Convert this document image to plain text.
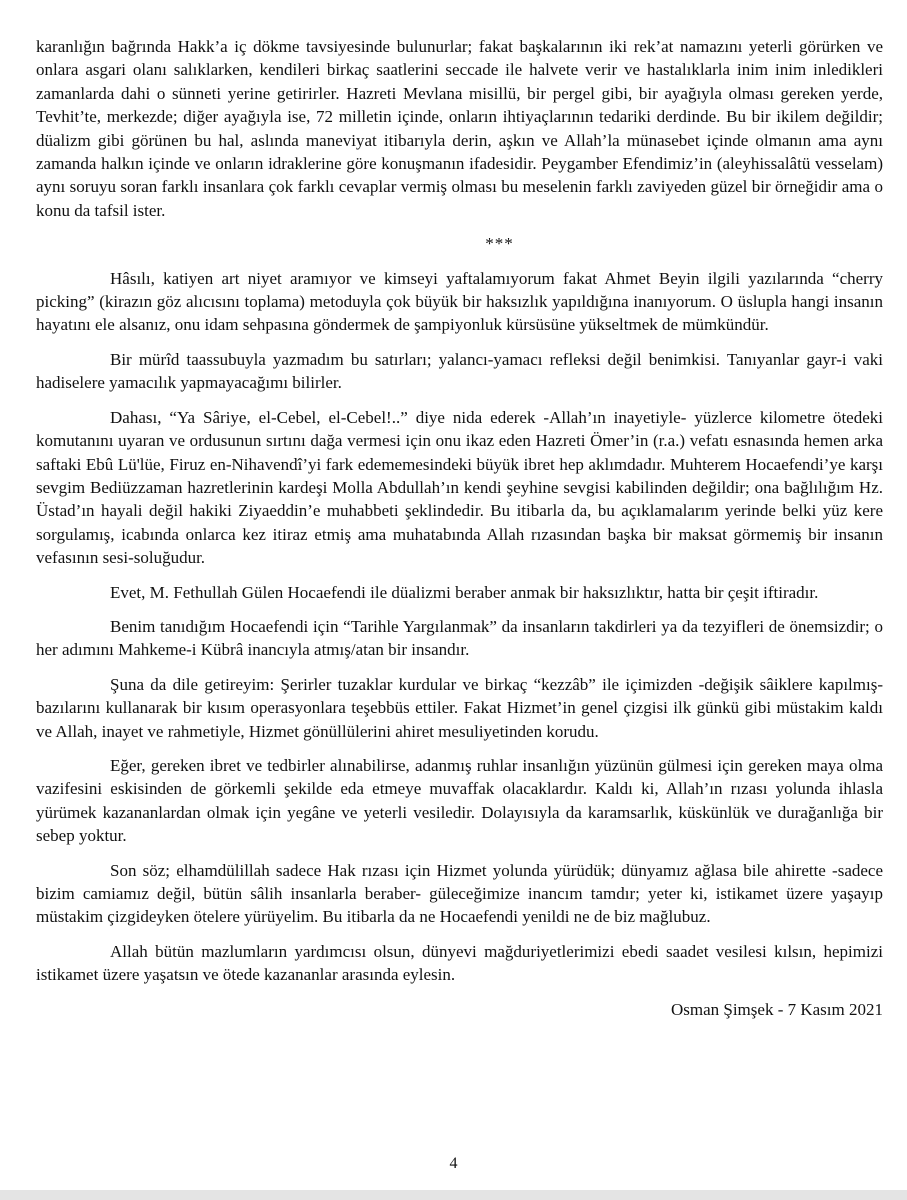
karanlığın bağrında Hakk’a iç dökme tavsiyesinde bulunurlar; fakat başkalarının iki rek’at namazını yeterli görürken ve onlara asgari olanı salıklarken, kendileri birkaç saatlerini seccade ile halvete verir ve hastalıklarla inim inim inledikleri zamanlarda dahi o sünneti yerine getirirler. Hazreti Mevlana misillü, bir pergel gibi, bir ayağıyla olması gereken yerde, Tevhit’te, merkezde; diğer ayağıyla ise, 72 milletin içinde, onların ihtiyaçlarının tedariki derdinde. Bu bir ikilem değildir; düalizm gibi görünen bu hal, aslında maneviyat itibarıyla derin, aşkın ve Allah’la münasebet içinde olmanın ama aynı zamanda halkın içinde ve onların idraklerine göre konuşmanın ifadesidir. Peygamber Efendimiz’in (aleyhissalâtü vesselam) aynı soruyu soran farklı insanlara çok farklı cevaplar vermiş olması bu meselenin farklı zaviyeden güzel bir örneğidir ama o konu da tafsil ister.

***

Hâsılı, katiyen art niyet aramıyor ve kimseyi yaftalamıyorum fakat Ahmet Beyin ilgili yazılarında “cherry picking” (kirazın göz alıcısını toplama) metoduyla çok büyük bir haksızlık yapıldığına inanıyorum. O üslupla hangi insanın hayatını ele alsanız, onu idam sehpasına göndermek de şampiyonluk kürsüsüne yükseltmek de mümkündür.

Bir mürîd taassubuyla yazmadım bu satırları; yalancı-yamacı refleksi değil benimkisi. Tanıyanlar gayr-i vaki hadiselere yamacılık yapmayacağımı bilirler.

Dahası, “Ya Sâriye, el-Cebel, el-Cebel!..” diye nida ederek -Allah’ın inayetiyle- yüzlerce kilometre ötedeki komutanını uyaran ve ordusunun sırtını dağa vermesi için onu ikaz eden Hazreti Ömer’in (r.a.) vefatı esnasında hemen arka saftaki Ebû Lü'lüe, Firuz en-Nihavendî’yi fark edememesindeki büyük ibret hep aklımdadır. Muhterem Hocaefendi’ye karşı sevgim Bediüzzaman hazretlerinin kardeşi Molla Abdullah’ın kendi şeyhine sevgisi kabilinden değildir; ona bağlılığım Hz. Üstad’ın hayali değil hakiki Ziyaeddin’e muhabbeti şeklindedir. Bu itibarla da, bu açıklamalarım yerinde belki yüz kere sorgulamış, icabında onlarca kez itiraz etmiş ama muhatabında Allah rızasından başka bir maksat görmemiş bir insanın vefasının sesi-soluğudur.

Evet, M. Fethullah Gülen Hocaefendi ile düalizmi beraber anmak bir haksızlıktır, hatta bir çeşit iftiradır.

Benim tanıdığım Hocaefendi için “Tarihle Yargılanmak” da insanların takdirleri ya da tezyifleri de önemsizdir; o her adımını Mahkeme-i Kübrâ inancıyla atmış/atan bir insandır.

Şuna da dile getireyim: Şerirler tuzaklar kurdular ve birkaç “kezzâb” ile içimizden -değişik sâiklere kapılmış- bazılarını kullanarak bir kısım operasyonlara teşebbüs ettiler. Fakat Hizmet’in genel çizgisi ilk günkü gibi müstakim kaldı ve Allah, inayet ve rahmetiyle, Hizmet gönüllülerini ahiret mesuliyetinden korudu.

Eğer, gereken ibret ve tedbirler alınabilirse, adanmış ruhlar insanlığın yüzünün gülmesi için gereken maya olma vazifesini eskisinden de görkemli şekilde eda etmeye muvaffak olacaklardır. Kaldı ki, Allah’ın rızası yolunda ihlasla yürümek kazananlardan olmak için yegâne ve yeterli vesiledir. Dolayısıyla da karamsarlık, küskünlük ve durağanlığa bir sebep yoktur.

Son söz; elhamdülillah sadece Hak rızası için Hizmet yolunda yürüdük; dünyamız ağlasa bile ahirette -sadece bizim camiamız değil, bütün sâlih insanlarla beraber- güleceğimize inancım tamdır; yeter ki, istikamet üzere yaşayıp müstakim çizgideyken ötelere yürüyelim. Bu itibarla da ne Hocaefendi yenildi ne de biz mağlubuz.

Allah bütün mazlumların yardımcısı olsun, dünyevi mağduriyetlerimizi ebedi saadet vesilesi kılsın, hepimizi istikamet üzere yaşatsın ve ötede kazananlar arasında eylesin.

Osman Şimşek - 7 Kasım 2021

4
